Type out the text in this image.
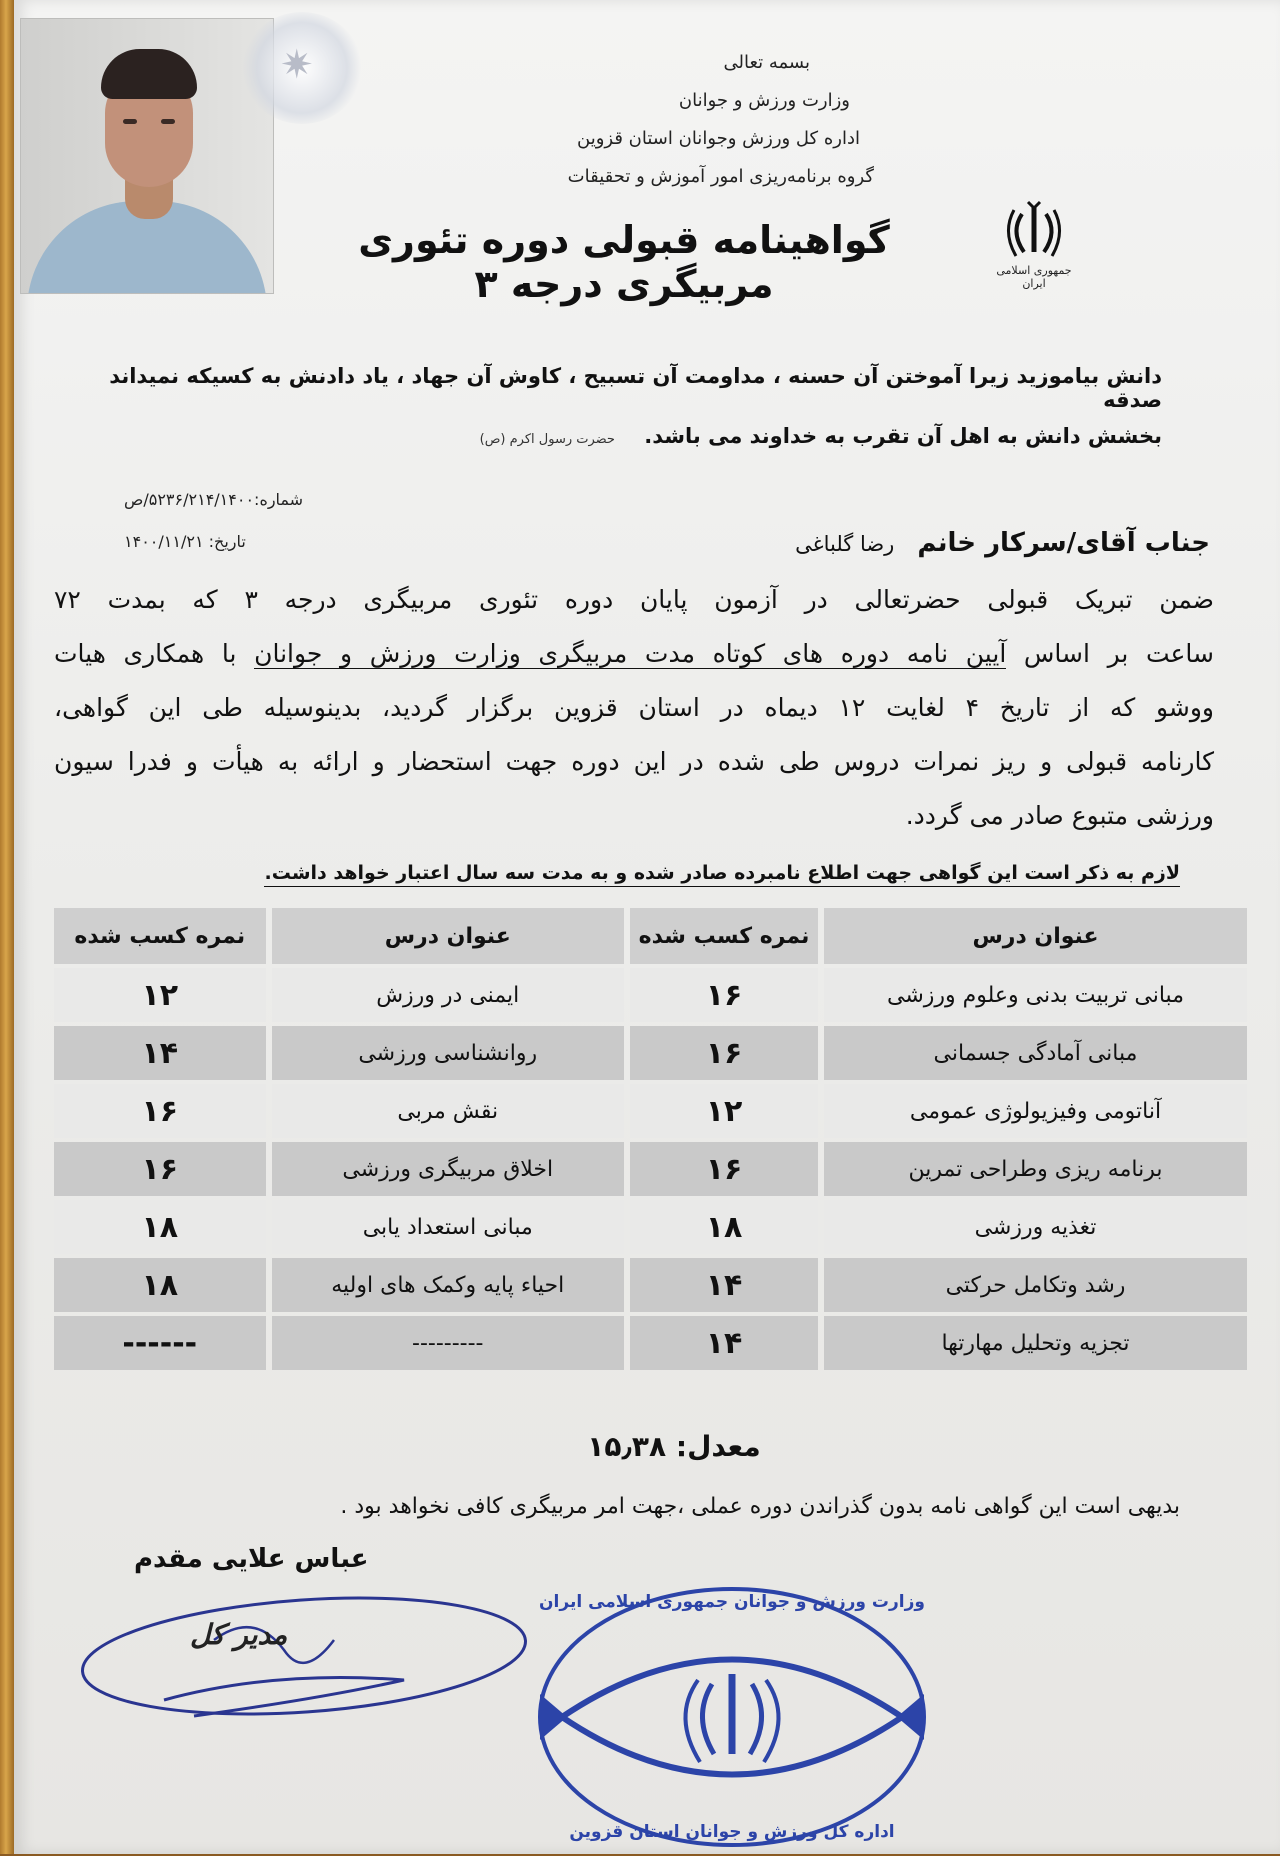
✷	بسمه تعالی
وزارت ورزش و جوانان
اداره کل ورزش وجوانان استان قزوین
گروه برنامه‌ریزی امور آموزش و تحقیقات
گواهینامه قبولی دوره تئوری مربیگری درجه ۳	جمهوری اسلامی ایران
دانش بیاموزید زیرا آموختن آن حسنه ، مداومت آن تسبیح ، کاوش آن جهاد ، یاد دادنش به کسیکه نمیداند صدقه
بخشش دانش به اهل آن تقرب به خداوند می باشد.    حضرت رسول اکرم (ص)
شماره:۵۲۳۶/۲۱۴/۱۴۰۰/ص
تاریخ: ۱۴۰۰/۱۱/۲۱	جناب آقای/سرکار خانم رضا گلباغی
ضمن تبریک قبولی حضرتعالی در آزمون پایان دوره تئوری مربیگری درجه ۳ که بمدت ۷۲
ساعت بر اساس آیین نامه دوره های کوتاه مدت مربیگری وزارت ورزش و جوانان با همکاری هیات
ووشو که از تاریخ ۴ لغایت ۱۲ دیماه در استان قزوین برگزار گردید، بدینوسیله طی این گواهی،
کارنامه قبولی و ریز نمرات دروس طی شده در این دوره جهت استحضار و ارائه به هیأت و فدرا سیون
ورزشی متبوع صادر می گردد.
لازم به ذکر است این گواهی جهت اطلاع نامبرده صادر شده و به مدت سه سال اعتبار خواهد داشت.
عنوان درس	نمره کسب شده	عنوان درس	نمره کسب شده
مبانی تربیت بدنی وعلوم ورزشی	۱۶	ایمنی در ورزش	۱۲
مبانی آمادگی جسمانی	۱۶	روانشناسی ورزشی	۱۴
آناتومی وفیزیولوژی عمومی	۱۲	نقش مربی	۱۶
برنامه ریزی وطراحی تمرین	۱۶	اخلاق مربیگری ورزشی	۱۶
تغذیه ورزشی	۱۸	مبانی استعداد یابی	۱۸
رشد وتکامل حرکتی	۱۴	احیاء پایه وکمک های اولیه	۱۸
تجزیه وتحلیل مهارتها	۱۴	---------	------
معدل: ۱۵٫۳۸
بدیهی است این گواهی نامه بدون گذراندن دوره عملی ،جهت امر مربیگری کافی نخواهد بود .
عباس علایی مقدم
مدیر کل
وزارت ورزش و جوانان جمهوری اسلامی ایران
اداره کل ورزش و جوانان استان قزوین
